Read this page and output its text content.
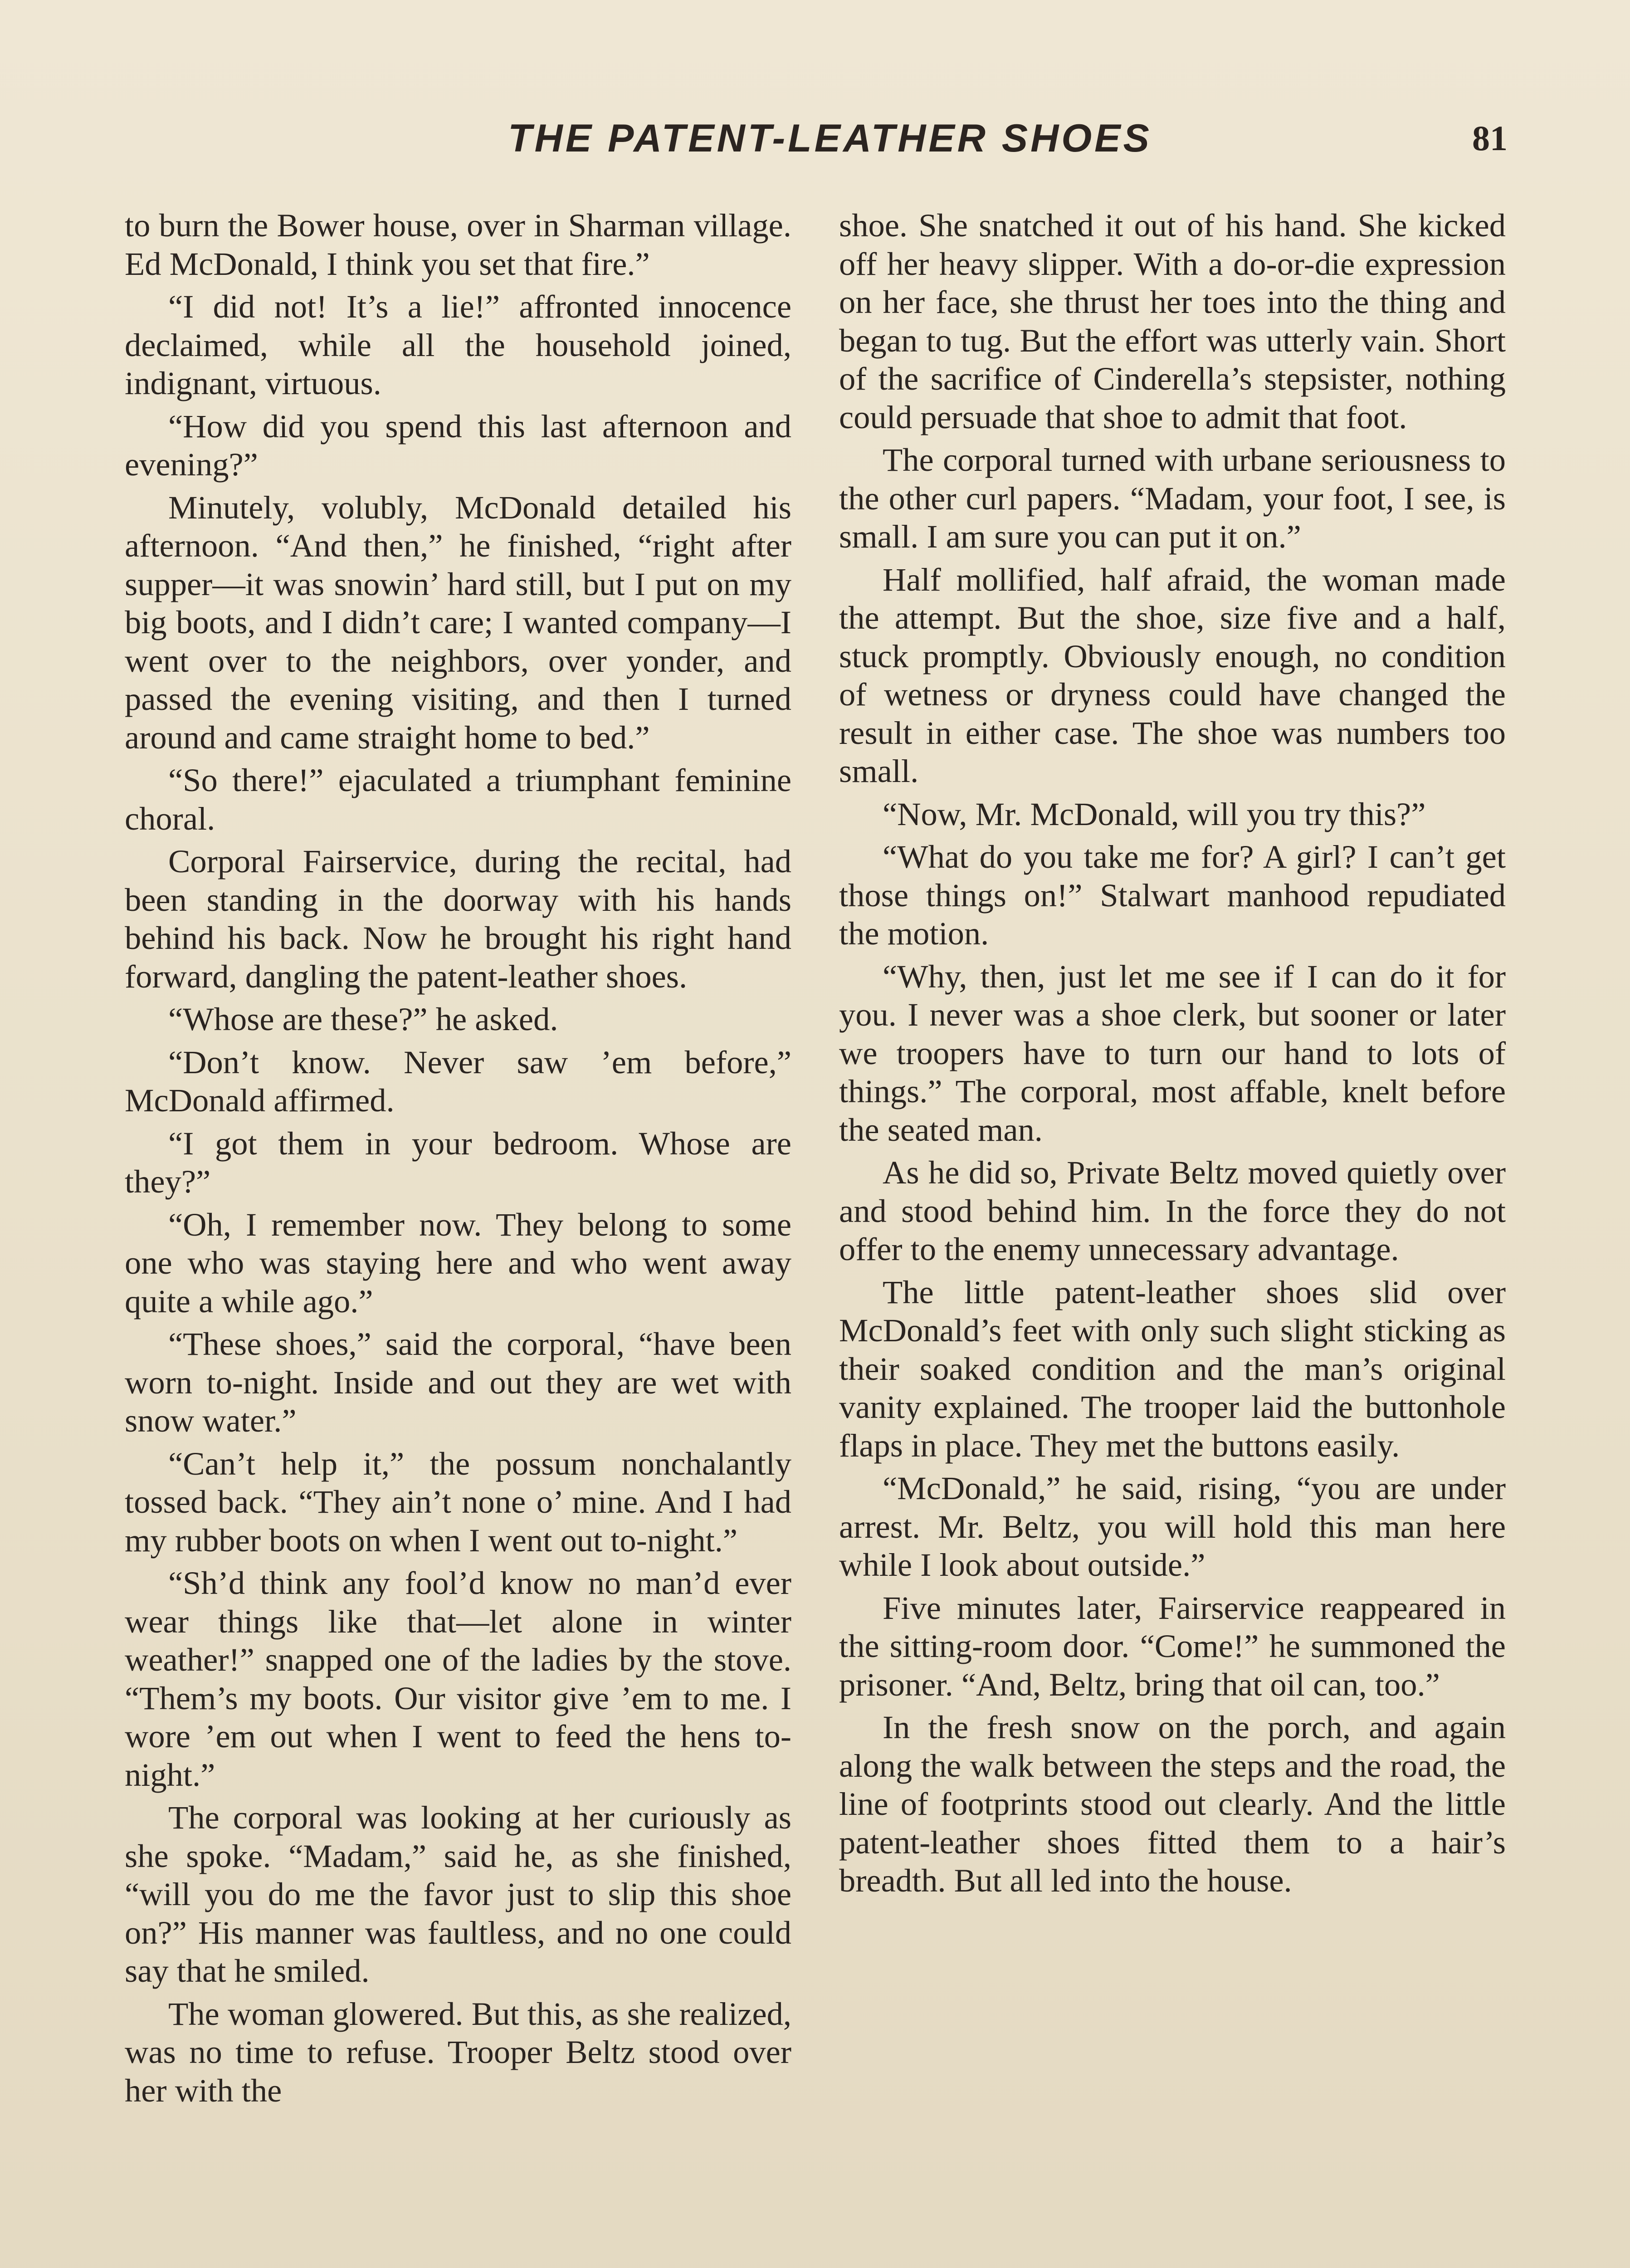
THE PATENT-LEATHER SHOES	81

to burn the Bower house, over in Sharman village. Ed McDonald, I think you set that fire.”

“I did not! It’s a lie!” affronted innocence declaimed, while all the household joined, indignant, virtuous.

“How did you spend this last afternoon and evening?”

Minutely, volubly, McDonald detailed his afternoon. “And then,” he finished, “right after supper—it was snowin’ hard still, but I put on my big boots, and I didn’t care; I wanted company—I went over to the neighbors, over yonder, and passed the evening visiting, and then I turned around and came straight home to bed.”

“So there!” ejaculated a triumphant feminine choral.

Corporal Fairservice, during the recital, had been standing in the doorway with his hands behind his back. Now he brought his right hand forward, dangling the patent-leather shoes.

“Whose are these?” he asked.

“Don’t know. Never saw ’em before,” McDonald affirmed.

“I got them in your bedroom. Whose are they?”

“Oh, I remember now. They belong to some one who was staying here and who went away quite a while ago.”

“These shoes,” said the corporal, “have been worn to-night. Inside and out they are wet with snow water.”

“Can’t help it,” the possum nonchalantly tossed back. “They ain’t none o’ mine. And I had my rubber boots on when I went out to-night.”

“Sh’d think any fool’d know no man’d ever wear things like that—let alone in winter weather!” snapped one of the ladies by the stove. “Them’s my boots. Our visitor give ’em to me. I wore ’em out when I went to feed the hens to-night.”

The corporal was looking at her curiously as she spoke. “Madam,” said he, as she finished, “will you do me the favor just to slip this shoe on?” His manner was faultless, and no one could say that he smiled.

The woman glowered. But this, as she realized, was no time to refuse. Trooper Beltz stood over her with the

shoe. She snatched it out of his hand. She kicked off her heavy slipper. With a do-or-die expression on her face, she thrust her toes into the thing and began to tug. But the effort was utterly vain. Short of the sacrifice of Cinderella’s stepsister, nothing could persuade that shoe to admit that foot.

The corporal turned with urbane seriousness to the other curl papers. “Madam, your foot, I see, is small. I am sure you can put it on.”

Half mollified, half afraid, the woman made the attempt. But the shoe, size five and a half, stuck promptly. Obviously enough, no condition of wetness or dryness could have changed the result in either case. The shoe was numbers too small.

“Now, Mr. McDonald, will you try this?”

“What do you take me for? A girl? I can’t get those things on!” Stalwart manhood repudiated the motion.

“Why, then, just let me see if I can do it for you. I never was a shoe clerk, but sooner or later we troopers have to turn our hand to lots of things.” The corporal, most affable, knelt before the seated man.

As he did so, Private Beltz moved quietly over and stood behind him. In the force they do not offer to the enemy unnecessary advantage.

The little patent-leather shoes slid over McDonald’s feet with only such slight sticking as their soaked condition and the man’s original vanity explained. The trooper laid the buttonhole flaps in place. They met the buttons easily.

“McDonald,” he said, rising, “you are under arrest. Mr. Beltz, you will hold this man here while I look about outside.”

Five minutes later, Fairservice reappeared in the sitting-room door. “Come!” he summoned the prisoner. “And, Beltz, bring that oil can, too.”

In the fresh snow on the porch, and again along the walk between the steps and the road, the line of footprints stood out clearly. And the little patent-leather shoes fitted them to a hair’s breadth. But all led into the house.
